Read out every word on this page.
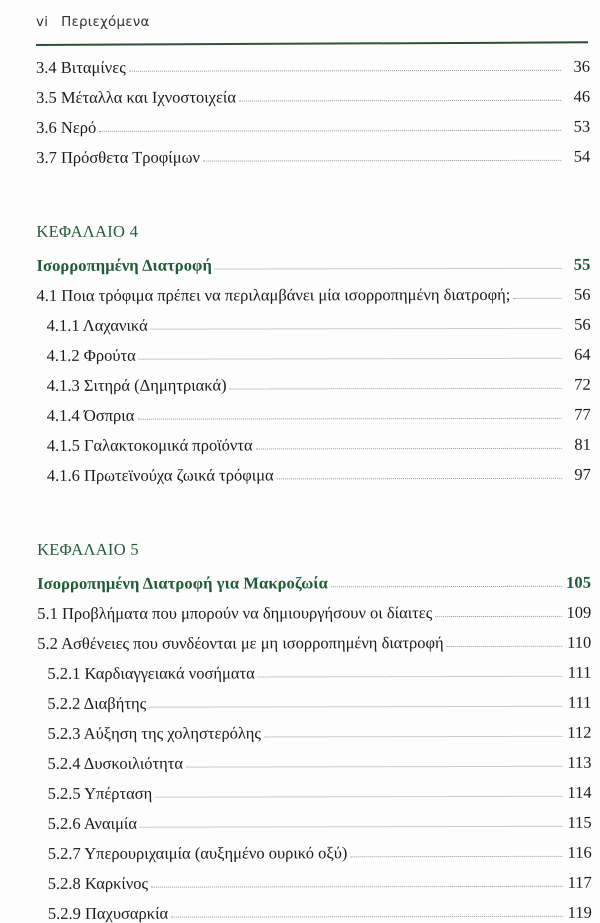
vi Περιεχόμενα
3.4 Βιταμίνες	36
3.5 Μέταλλα και Ιχνοστοιχεία	46
3.6 Νερό	53
3.7 Πρόσθετα Τροφίμων	54
ΚΕΦΑΛΑΙΟ 4
Ισορροπημένη Διατροφή	55
4.1 Ποια τρόφιμα πρέπει να περιλαμβάνει μία ισορροπημένη διατροφή;	56
4.1.1 Λαχανικά	56
4.1.2 Φρούτα	64
4.1.3 Σιτηρά (Δημητριακά)	72
4.1.4 Όσπρια	77
4.1.5 Γαλακτοκομικά προϊόντα	81
4.1.6 Πρωτεϊνούχα ζωικά τρόφιμα	97
ΚΕΦΑΛΑΙΟ 5
Ισορροπημένη Διατροφή για Μακροζωία	105
5.1 Προβλήματα που μπορούν να δημιουργήσουν οι δίαιτες	109
5.2 Ασθένειες που συνδέονται με μη ισορροπημένη διατροφή	110
5.2.1 Καρδιαγγειακά νοσήματα	111
5.2.2 Διαβήτης	111
5.2.3 Αύξηση της χοληστερόλης	112
5.2.4 Δυσκοιλιότητα	113
5.2.5 Υπέρταση	114
5.2.6 Αναιμία	115
5.2.7 Υπερουριχαιμία (αυξημένο ουρικό οξύ)	116
5.2.8 Καρκίνος	117
5.2.9 Παχυσαρκία	119
